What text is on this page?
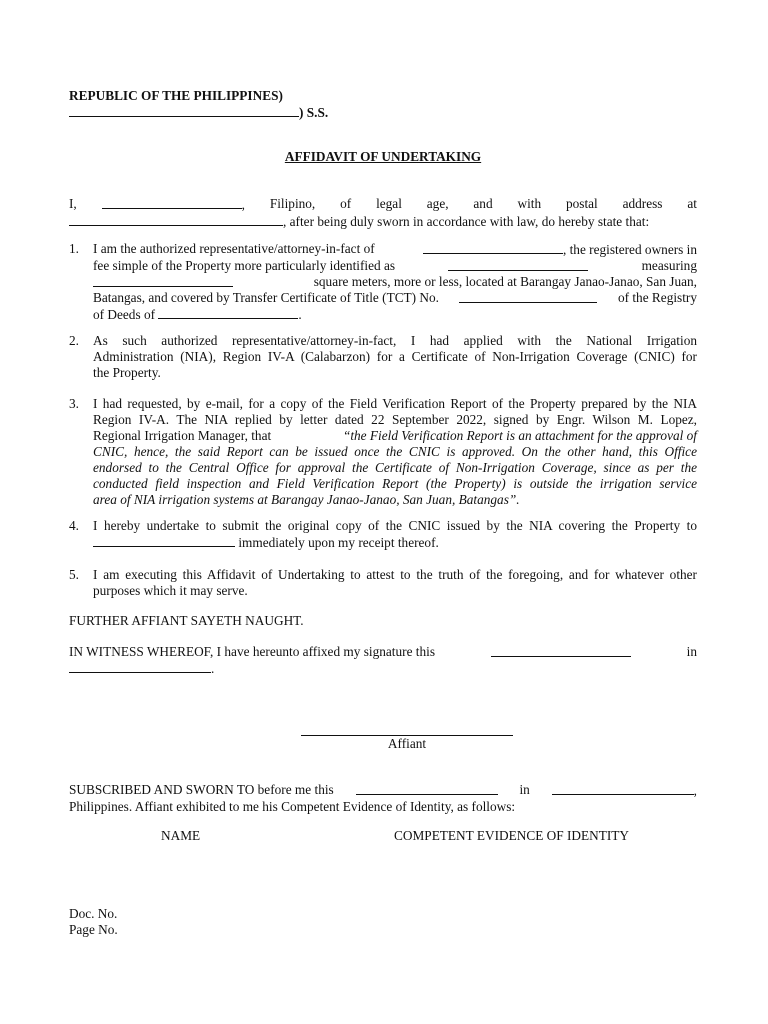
REPUBLIC OF THE PHILIPPINES)
) S.S.
AFFIDAVIT OF UNDERTAKING
I,	, Filipino, of legal age, and with postal address at
, after being duly sworn in accordance with law, do hereby state that:
1. I am the authorized representative/attorney-in-fact of	, the registered owners in
fee simple of the Property more particularly identified as	measuring
square meters, more or less, located at Barangay Janao-Janao, San Juan,
Batangas, and covered by Transfer Certificate of Title (TCT) No.	of the Registry
of Deeds of	.
2. As such authorized representative/attorney-in-fact, I had applied with the National Irrigation
Administration (NIA), Region IV-A (Calabarzon) for a Certificate of Non-Irrigation Coverage (CNIC) for
the Property.
3. I had requested, by e-mail, for a copy of the Field Verification Report of the Property prepared by the NIA
Region IV-A. The NIA replied by letter dated 22 September 2022, signed by Engr. Wilson M. Lopez,
Regional Irrigation Manager, that	“the Field Verification Report is an attachment for the approval of
CNIC, hence, the said Report can be issued once the CNIC is approved. On the other hand, this Office
endorsed to the Central Office for approval the Certificate of Non-Irrigation Coverage, since as per the
conducted field inspection and Field Verification Report (the Property) is outside the irrigation service
area of NIA irrigation systems at Barangay Janao-Janao, San Juan, Batangas”.
4. I hereby undertake to submit the original copy of the CNIC issued by the NIA covering the Property to
immediately upon my receipt thereof.
5. I am executing this Affidavit of Undertaking to attest to the truth of the foregoing, and for whatever other
purposes which it may serve.
FURTHER AFFIANT SAYETH NAUGHT.
IN WITNESS WHEREOF, I have hereunto affixed my signature this	in
.
Affiant
SUBSCRIBED AND SWORN TO before me this	in	,
Philippines. Affiant exhibited to me his Competent Evidence of Identity, as follows:
NAME	COMPETENT EVIDENCE OF IDENTITY
Doc. No.
Page No.
